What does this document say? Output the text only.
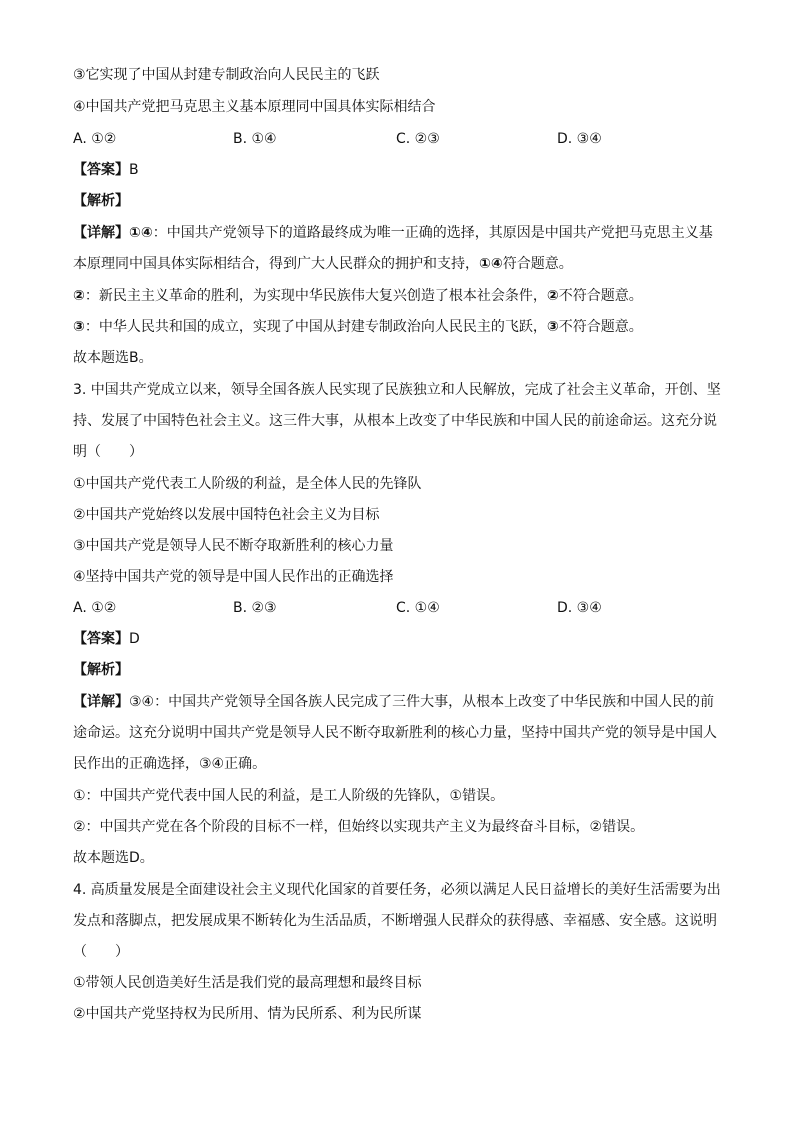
③它实现了中国从封建专制政治向人民民主的飞跃
④中国共产党把马克思主义基本原理同中国具体实际相结合
A. ①②	B. ①④	C. ②③	D. ③④
【答案】B
【解析】
【详解】①④：中国共产党领导下的道路最终成为唯一正确的选择，其原因是中国共产党把马克思主义基
本原理同中国具体实际相结合，得到广大人民群众的拥护和支持，①④符合题意。
②：新民主主义革命的胜利，为实现中华民族伟大复兴创造了根本社会条件，②不符合题意。
③：中华人民共和国的成立，实现了中国从封建专制政治向人民民主的飞跃，③不符合题意。
故本题选B。
3. 中国共产党成立以来，领导全国各族人民实现了民族独立和人民解放，完成了社会主义革命，开创、坚
持、发展了中国特色社会主义。这三件大事，从根本上改变了中华民族和中国人民的前途命运。这充分说
明（　　）
①中国共产党代表工人阶级的利益，是全体人民的先锋队
②中国共产党始终以发展中国特色社会主义为目标
③中国共产党是领导人民不断夺取新胜利的核心力量
④坚持中国共产党的领导是中国人民作出的正确选择
A. ①②	B. ②③	C. ①④	D. ③④
【答案】D
【解析】
【详解】③④：中国共产党领导全国各族人民完成了三件大事，从根本上改变了中华民族和中国人民的前
途命运。这充分说明中国共产党是领导人民不断夺取新胜利的核心力量，坚持中国共产党的领导是中国人
民作出的正确选择，③④正确。
①：中国共产党代表中国人民的利益，是工人阶级的先锋队，①错误。
②：中国共产党在各个阶段的目标不一样，但始终以实现共产主义为最终奋斗目标，②错误。
故本题选D。
4. 高质量发展是全面建设社会主义现代化国家的首要任务，必须以满足人民日益增长的美好生活需要为出
发点和落脚点，把发展成果不断转化为生活品质，不断增强人民群众的获得感、幸福感、安全感。这说明
（　　）
①带领人民创造美好生活是我们党的最高理想和最终目标
②中国共产党坚持权为民所用、情为民所系、利为民所谋
